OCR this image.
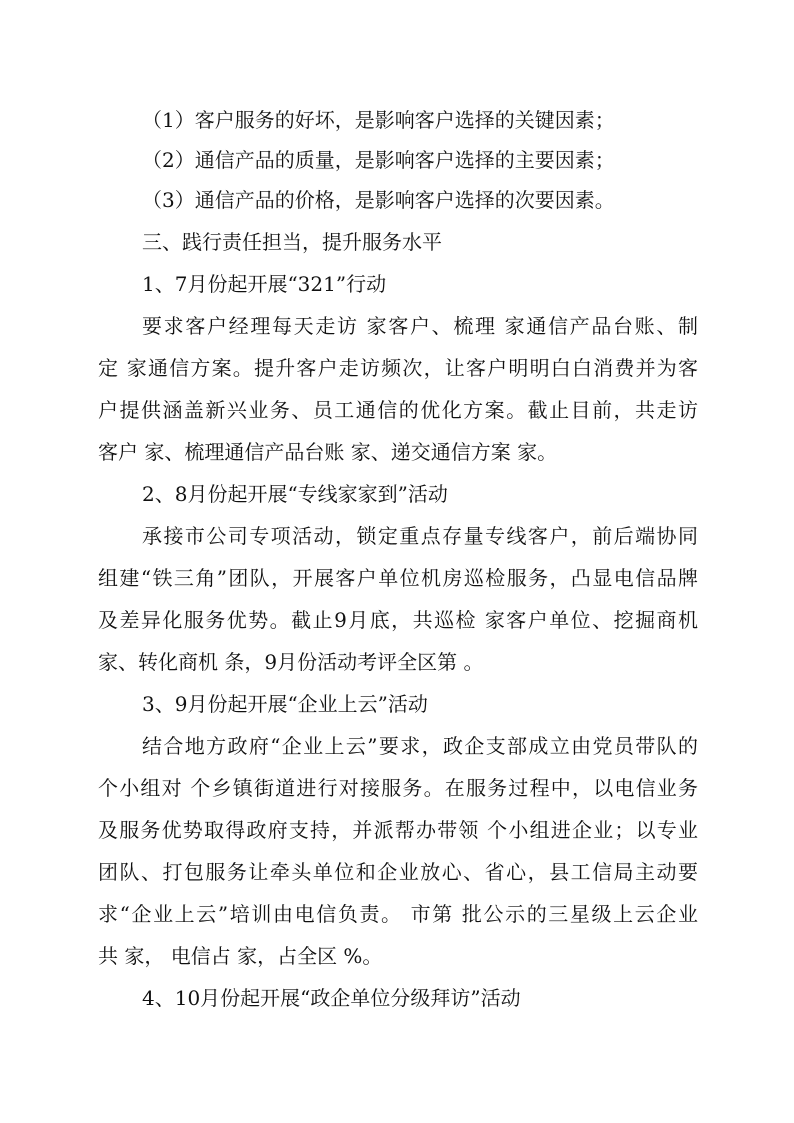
（1）客户服务的好坏，是影响客户选择的关键因素；
（2）通信产品的质量，是影响客户选择的主要因素；
（3）通信产品的价格，是影响客户选择的次要因素。
三、践行责任担当，提升服务水平
1、7月份起开展“321”行动
要求客户经理每天走访 家客户、梳理 家通信产品台账、制
定 家通信方案。提升客户走访频次，让客户明明白白消费并为客
户提供涵盖新兴业务、员工通信的优化方案。截止目前，共走访
客户 家、梳理通信产品台账 家、递交通信方案 家。
2、8月份起开展“专线家家到”活动
承接市公司专项活动，锁定重点存量专线客户，前后端协同
组建“铁三角”团队，开展客户单位机房巡检服务，凸显电信品牌
及差异化服务优势。截止9月底，共巡检 家客户单位、挖掘商机
家、转化商机 条，9月份活动考评全区第 。
3、9月份起开展“企业上云”活动
结合地方政府“企业上云”要求，政企支部成立由党员带队的
个小组对 个乡镇街道进行对接服务。在服务过程中，以电信业务
及服务优势取得政府支持，并派帮办带领 个小组进企业；以专业
团队、打包服务让牵头单位和企业放心、省心，县工信局主动要
求“企业上云”培训由电信负责。 市第 批公示的三星级上云企业
共 家， 电信占 家，占全区 %。
4、10月份起开展“政企单位分级拜访”活动
